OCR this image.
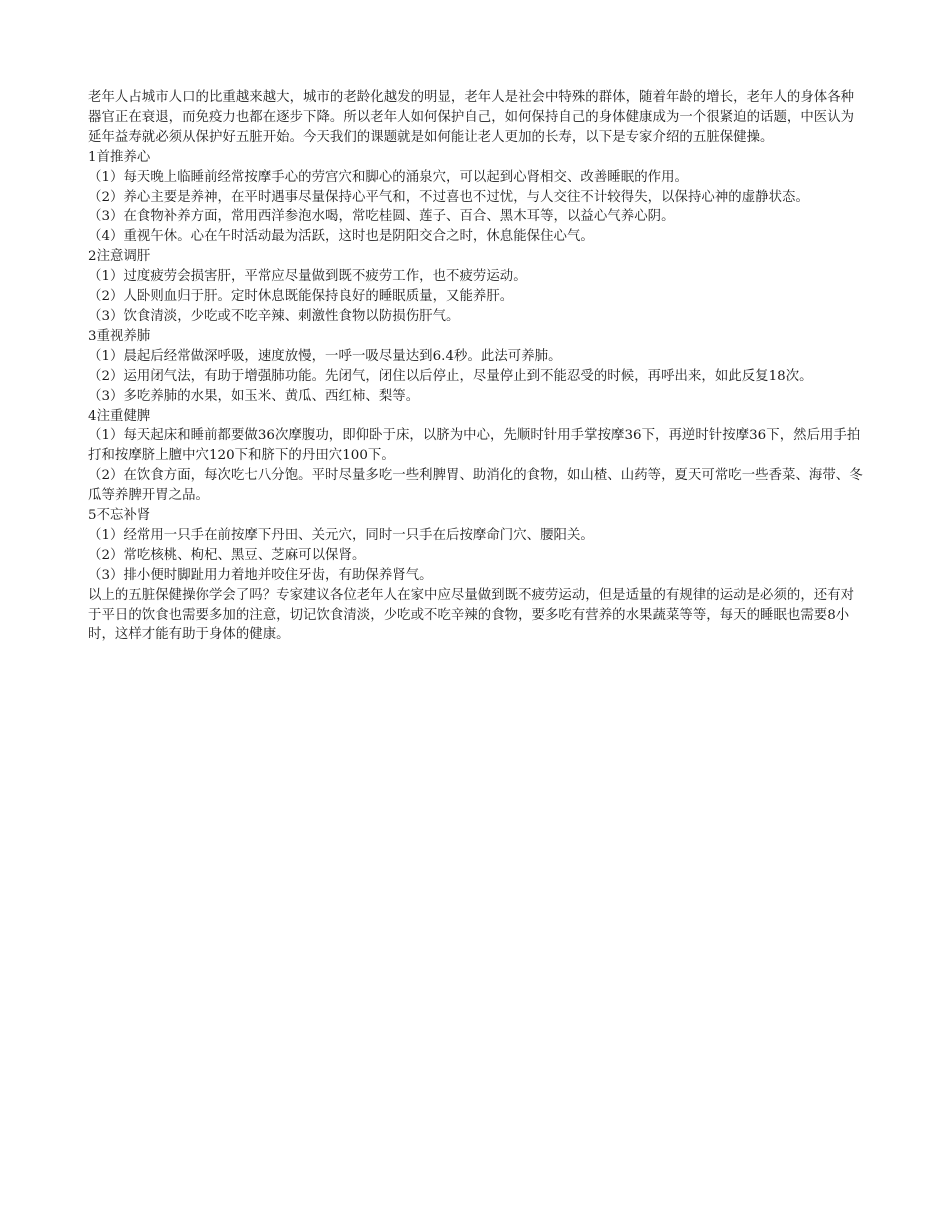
老年人占城市人口的比重越来越大，城市的老龄化越发的明显，老年人是社会中特殊的群体，随着年龄的增长，老年人的身体各种器官正在衰退，而免疫力也都在逐步下降。所以老年人如何保护自己，如何保持自己的身体健康成为一个很紧迫的话题，中医认为延年益寿就必须从保护好五脏开始。今天我们的课题就是如何能让老人更加的长寿，以下是专家介绍的五脏保健操。

1首推养心

（1）每天晚上临睡前经常按摩手心的劳宫穴和脚心的涌泉穴，可以起到心肾相交、改善睡眠的作用。

（2）养心主要是养神，在平时遇事尽量保持心平气和，不过喜也不过忧，与人交往不计较得失，以保持心神的虚静状态。

（3）在食物补养方面，常用西洋参泡水喝，常吃桂圆、莲子、百合、黑木耳等，以益心气养心阴。

（4）重视午休。心在午时活动最为活跃，这时也是阴阳交合之时，休息能保住心气。

2注意调肝

（1）过度疲劳会损害肝，平常应尽量做到既不疲劳工作，也不疲劳运动。

（2）人卧则血归于肝。定时休息既能保持良好的睡眠质量，又能养肝。

（3）饮食清淡，少吃或不吃辛辣、刺激性食物以防损伤肝气。

3重视养肺

（1）晨起后经常做深呼吸，速度放慢，一呼一吸尽量达到6.4秒。此法可养肺。

（2）运用闭气法，有助于增强肺功能。先闭气，闭住以后停止，尽量停止到不能忍受的时候，再呼出来，如此反复18次。

（3）多吃养肺的水果，如玉米、黄瓜、西红柿、梨等。

4注重健脾

（1）每天起床和睡前都要做36次摩腹功，即仰卧于床，以脐为中心，先顺时针用手掌按摩36下，再逆时针按摩36下，然后用手拍打和按摩脐上膻中穴120下和脐下的丹田穴100下。

（2）在饮食方面，每次吃七八分饱。平时尽量多吃一些利脾胃、助消化的食物，如山楂、山药等，夏天可常吃一些香菜、海带、冬瓜等养脾开胃之品。

5不忘补肾

（1）经常用一只手在前按摩下丹田、关元穴，同时一只手在后按摩命门穴、腰阳关。

（2）常吃核桃、枸杞、黑豆、芝麻可以保肾。

（3）排小便时脚趾用力着地并咬住牙齿，有助保养肾气。

以上的五脏保健操你学会了吗？专家建议各位老年人在家中应尽量做到既不疲劳运动，但是适量的有规律的运动是必须的，还有对于平日的饮食也需要多加的注意，切记饮食清淡，少吃或不吃辛辣的食物，要多吃有营养的水果蔬菜等等，每天的睡眠也需要8小时，这样才能有助于身体的健康。
